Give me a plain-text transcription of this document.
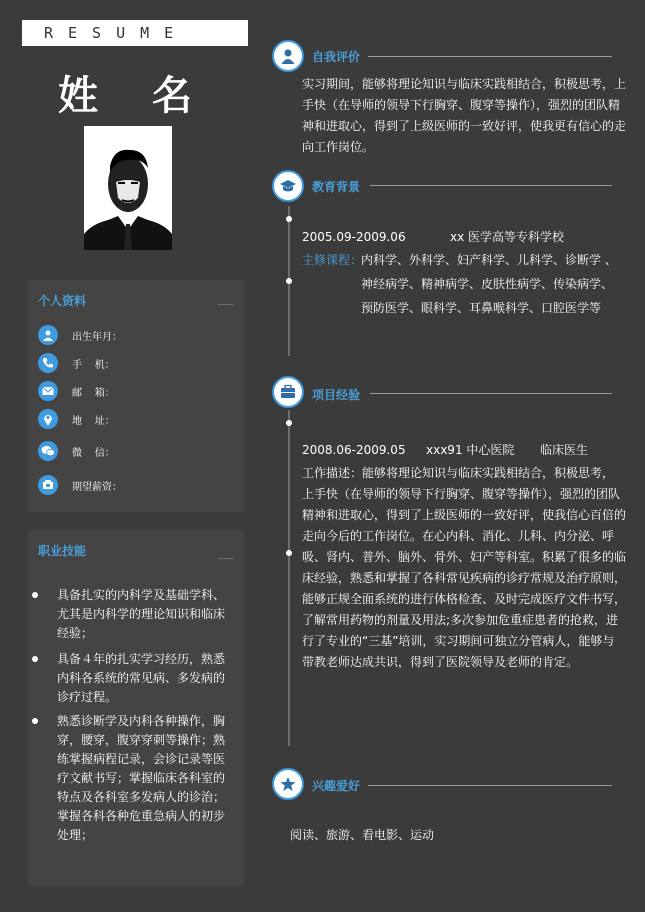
RESUME
姓 名
个人资料
出生年月：
手    机：
邮    箱：
地    址：
微    信：
期望薪资：
职业技能

具备扎实的内科学及基础学科、尤其是内科学的理论知识和临床经验；

具备４年的扎实学习经历，熟悉内科各系统的常见病、多发病的诊疗过程。

熟悉诊断学及内科各种操作，胸穿，腰穿，腹穿穿刺等操作；熟练掌握病程记录，会诊记录等医疗文献书写；掌握临床各科室的特点及各科室多发病人的诊治；掌握各科各种危重急病人的初步处理；

自我评价
实习期间，能够将理论知识与临床实践相结合，积极思考，上手快（在导师的领导下行胸穿、腹穿等操作），强烈的团队精神和进取心，得到了上级医师的一致好评，使我更有信心的走向工作岗位。
教育背景
2005.09-2009.06	xx 医学高等专科学校
主修课程：
内科学、外科学、妇产科学、儿科学、诊断学 、
神经病学、精神病学、皮肤性病学、传染病学、
预防医学、眼科学、耳鼻喉科学、口腔医学等
项目经验
2008.06-2009.05 xxx91 中心医院 临床医生
工作描述：能够将理论知识与临床实践相结合，积极思考，上手快（在导师的领导下行胸穿、腹穿等操作），强烈的团队精神和进取心，得到了上级医师的一致好评，使我信心百倍的走向今后的工作岗位。在心内科、消化、儿科、内分泌、呼吸、肾内、普外、脑外、骨外、妇产等科室。积累了很多的临床经验，熟悉和掌握了各科常见疾病的诊疗常规及治疗原则，能够正规全面系统的进行体格检查、及时完成医疗文件书写，了解常用药物的剂量及用法;多次参加危重症患者的抢救，进行了专业的“三基”培训，实习期间可独立分管病人，能够与带教老师达成共识，得到了医院领导及老师的肯定。
兴趣爱好
阅读、旅游、看电影、运动
